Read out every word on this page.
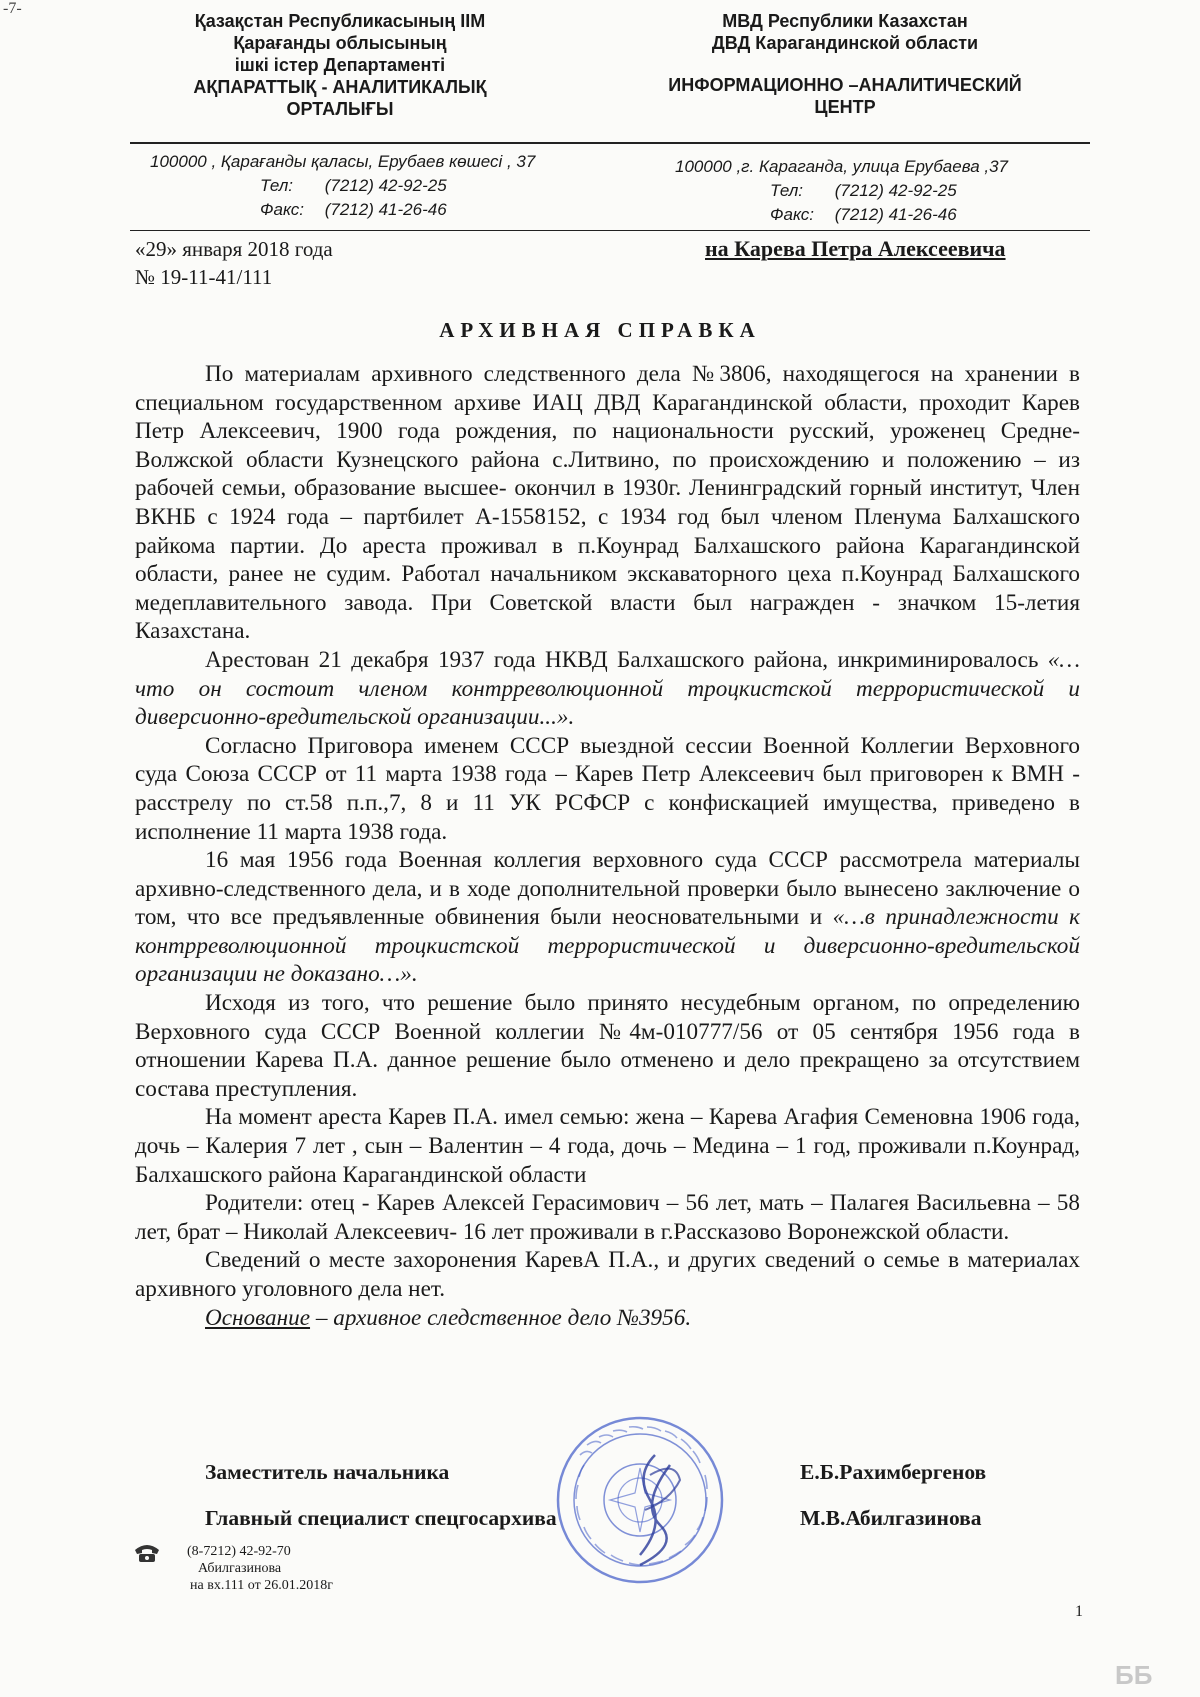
-7-
Қазақстан Республикасының ІІМ
Қарағанды облысының
ішкі істер Департаменті
АҚПАРАТТЫҚ - АНАЛИТИКАЛЫҚ
ОРТАЛЫҒЫ
МВД Республики Казахстан
ДВД Карагандинской области
ИНФОРМАЦИОННО –АНАЛИТИЧЕСКИЙ
ЦЕНТР
100000 , Қарағанды қаласы, Ерубаев көшесі , 37
Тел: (7212) 42-92-25
Факс: (7212) 41-26-46
100000 ,г. Караганда, улица Ерубаева ,37
Тел: (7212) 42-92-25
Факс: (7212) 41-26-46
«29» января 2018 года
№ 19-11-41/111
на Карева Петра Алексеевича
АРХИВНАЯ СПРАВКА

По материалам архивного следственного дела №3806, находящегося на хранении в специальном государственном архиве ИАЦ ДВД Карагандинской области, проходит Карев Петр Алексеевич, 1900 года рождения, по национальности русский, уроженец Средне-Волжской области Кузнецского района с.Литвино, по происхождению и положению – из рабочей семьи, образование высшее- окончил в 1930г. Ленинградский горный институт, Член ВКНБ с 1924 года – партбилет А-1558152, с 1934 год был членом Пленума Балхашского райкома партии. До ареста проживал в п.Коунрад Балхашского района Карагандинской области, ранее не судим. Работал начальником экскаваторного цеха п.Коунрад Балхашского медеплавительного завода. При Советской власти был награжден - значком 15-летия Казахстана.

Арестован 21 декабря 1937 года НКВД Балхашского района, инкриминировалось «…что он состоит членом контрреволюционной троцкистской террористической и диверсионно-вредительской организации...».

Согласно Приговора именем СССР выездной сессии Военной Коллегии Верховного суда Союза СССР от 11 марта 1938 года – Карев Петр Алексеевич был приговорен к ВМН - расстрелу по ст.58 п.п.,7, 8 и 11 УК РСФСР с конфискацией имущества, приведено в исполнение 11 марта 1938 года.

16 мая 1956 года Военная коллегия верховного суда СССР рассмотрела материалы архивно-следственного дела, и в ходе дополнительной проверки было вынесено заключение о том, что все предъявленные обвинения были неосновательными и «…в принадлежности к контрреволюционной троцкистской террористической и диверсионно-вредительской организации не доказано…».

Исходя из того, что решение было принято несудебным органом, по определению Верховного суда СССР Военной коллегии №4м-010777/56 от 05 сентября 1956 года в отношении Карева П.А. данное решение было отменено и дело прекращено за отсутствием состава преступления.

На момент ареста Карев П.А. имел семью: жена – Карева Агафия Семеновна 1906 года, дочь – Калерия 7 лет , сын – Валентин – 4 года, дочь – Медина – 1 год, проживали п.Коунрад, Балхашского района Карагандинской области

Родители: отец - Карев Алексей Герасимович – 56 лет, мать – Палагея Васильевна – 58 лет, брат – Николай Алексеевич- 16 лет проживали в г.Рассказово Воронежской области.

Сведений о месте захоронения КаревА П.А., и других сведений о семье в материалах архивного уголовного дела нет.

Основание – архивное следственное дело №3956.

Заместитель начальника	Е.Б.Рахимбергенов
Главный специалист спецгосархива	М.В.Абилгазинова
(8-7212) 42-92-70
Абилгазинова
на вх.111 от 26.01.2018г
1
ББ
